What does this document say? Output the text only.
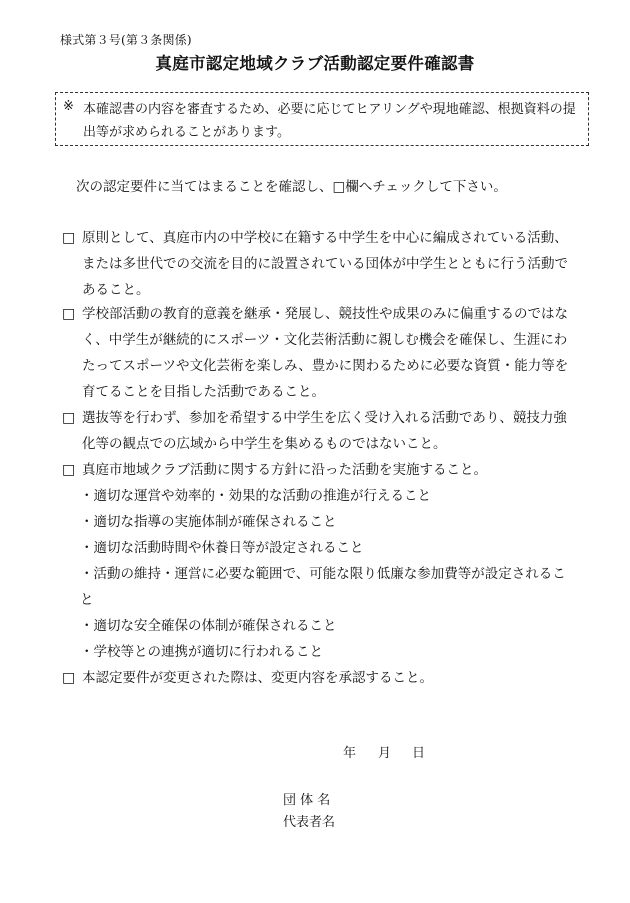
様式第３号(第３条関係)
真庭市認定地域クラブ活動認定要件確認書
※ 本確認書の内容を審査するため、必要に応じてヒアリングや現地確認、根拠資料の提出等が求められることがあります。
次の認定要件に当てはまることを確認し、□欄へチェックして下さい。
□ 原則として、真庭市内の中学校に在籍する中学生を中心に編成されている活動、または多世代での交流を目的に設置されている団体が中学生とともに行う活動であること。
□ 学校部活動の教育的意義を継承・発展し、競技性や成果のみに偏重するのではなく、中学生が継続的にスポーツ・文化芸術活動に親しむ機会を確保し、生涯にわたってスポーツや文化芸術を楽しみ、豊かに関わるために必要な資質・能力等を育てることを目指した活動であること。
□ 選抜等を行わず、参加を希望する中学生を広く受け入れる活動であり、競技力強化等の観点での広域から中学生を集めるものではないこと。
□ 真庭市地域クラブ活動に関する方針に沿った活動を実施すること。
・適切な運営や効率的・効果的な活動の推進が行えること
・適切な指導の実施体制が確保されること
・適切な活動時間や休養日等が設定されること
・活動の維持・運営に必要な範囲で、可能な限り低廉な参加費等が設定されること
・適切な安全確保の体制が確保されること
・学校等との連携が適切に行われること
□ 本認定要件が変更された際は、変更内容を承認すること。
年 月 日
団 体 名
代表者名
